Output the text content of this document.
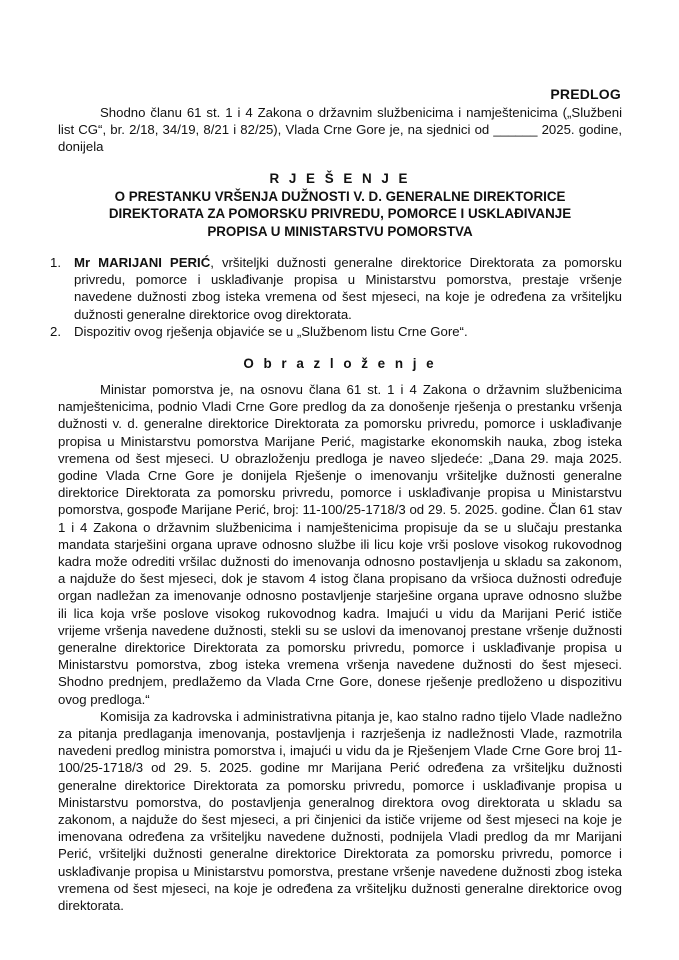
PREDLOG

Shodno članu 61 st. 1 i 4 Zakona o državnim službenicima i namještenicima („Službeni list CG“, br. 2/18, 34/19, 8/21 i 82/25), Vlada Crne Gore je, na sjednici od ______ 2025. godine, donijela

R J E Š E N J E
O PRESTANKU VRŠENJA DUŽNOSTI V. D. GENERALNE DIREKTORICE
DIREKTORATA ZA POMORSKU PRIVREDU, POMORCE I USKLAĐIVANJE
PROPISA U MINISTARSTVU POMORSTVA
1. Mr MARIJANI PERIĆ, vršiteljki dužnosti generalne direktorice Direktorata za pomorsku privredu, pomorce i usklađivanje propisa u Ministarstvu pomorstva, prestaje vršenje navedene dužnosti zbog isteka vremena od šest mjeseci, na koje je određena za vršiteljku dužnosti generalne direktorice ovog direktorata.
2. Dispozitiv ovog rješenja objaviće se u „Službenom listu Crne Gore“.
O b r a z l o ž e n j e

Ministar pomorstva je, na osnovu člana 61 st. 1 i 4 Zakona o državnim službenicima namještenicima, podnio Vladi Crne Gore predlog da za donošenje rješenja o prestanku vršenja dužnosti v. d. generalne direktorice Direktorata za pomorsku privredu, pomorce i usklađivanje propisa u Ministarstvu pomorstva Marijane Perić, magistarke ekonomskih nauka, zbog isteka vremena od šest mjeseci. U obrazloženju predloga je naveo sljedeće: „Dana 29. maja 2025. godine Vlada Crne Gore je donijela Rješenje o imenovanju vršiteljke dužnosti generalne direktorice Direktorata za pomorsku privredu, pomorce i usklađivanje propisa u Ministarstvu pomorstva, gospođe Marijane Perić, broj: 11-100/25-1718/3 od 29. 5. 2025. godine. Član 61 stav 1 i 4 Zakona o državnim službenicima i namještenicima propisuje da se u slučaju prestanka mandata starješini organa uprave odnosno službe ili licu koje vrši poslove visokog rukovodnog kadra može odrediti vršilac dužnosti do imenovanja odnosno postavljenja u skladu sa zakonom, a najduže do šest mjeseci, dok je stavom 4 istog člana propisano da vršioca dužnosti određuje organ nadležan za imenovanje odnosno postavljenje starješine organa uprave odnosno službe ili lica koja vrše poslove visokog rukovodnog kadra. Imajući u vidu da Marijani Perić ističe vrijeme vršenja navedene dužnosti, stekli su se uslovi da imenovanoj prestane vršenje dužnosti generalne direktorice Direktorata za pomorsku privredu, pomorce i usklađivanje propisa u Ministarstvu pomorstva, zbog isteka vremena vršenja navedene dužnosti do šest mjeseci. Shodno prednjem, predlažemo da Vlada Crne Gore, donese rješenje predloženo u dispozitivu ovog predloga.“

Komisija za kadrovska i administrativna pitanja je, kao stalno radno tijelo Vlade nadležno za pitanja predlaganja imenovanja, postavljenja i razrješenja iz nadležnosti Vlade, razmotrila navedeni predlog ministra pomorstva i, imajući u vidu da je Rješenjem Vlade Crne Gore broj 11-100/25-1718/3 od 29. 5. 2025. godine mr Marijana Perić određena za vršiteljku dužnosti generalne direktorice Direktorata za pomorsku privredu, pomorce i usklađivanje propisa u Ministarstvu pomorstva, do postavljenja generalnog direktora ovog direktorata u skladu sa zakonom, a najduže do šest mjeseci, a pri činjenici da ističe vrijeme od šest mjeseci na koje je imenovana određena za vršiteljku navedene dužnosti, podnijela Vladi predlog da mr Marijani Perić, vršiteljki dužnosti generalne direktorice Direktorata za pomorsku privredu, pomorce i usklađivanje propisa u Ministarstvu pomorstva, prestane vršenje navedene dužnosti zbog isteka vremena od šest mjeseci, na koje je određena za vršiteljku dužnosti generalne direktorice ovog direktorata.
